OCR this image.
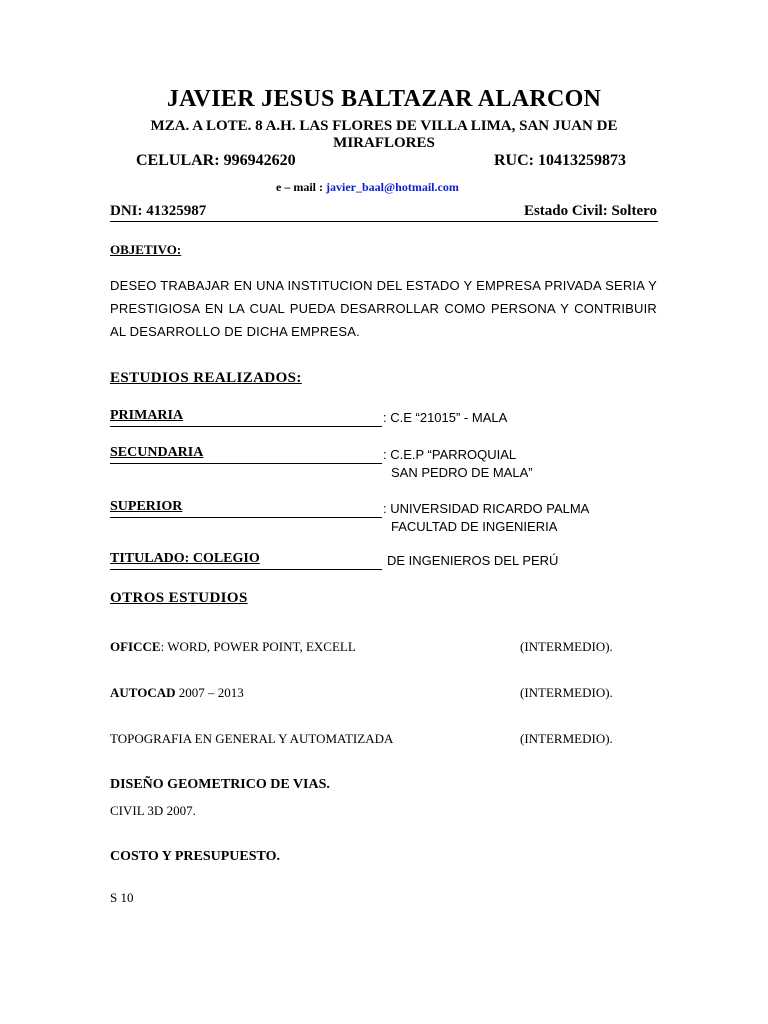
JAVIER JESUS BALTAZAR ALARCON
MZA. A LOTE. 8 A.H. LAS FLORES DE VILLA LIMA, SAN JUAN DE MIRAFLORES
CELULAR: 996942620	RUC: 10413259873
e – mail : javier_baal@hotmail.com
DNI: 41325987	Estado Civil: Soltero
OBJETIVO:
DESEO TRABAJAR EN UNA INSTITUCION DEL ESTADO Y EMPRESA PRIVADA SERIA Y PRESTIGIOSA EN LA CUAL PUEDA DESARROLLAR COMO PERSONA Y CONTRIBUIR AL DESARROLLO DE DICHA EMPRESA.
ESTUDIOS REALIZADOS:
PRIMARIA	: C.E “21015” - MALA
SECUNDARIA	: C.E.P “PARROQUIAL
SAN PEDRO DE MALA”
SUPERIOR	: UNIVERSIDAD RICARDO PALMA
FACULTAD DE INGENIERIA
TITULADO: COLEGIO	DE INGENIEROS DEL PERÚ
OTROS ESTUDIOS
OFICCE: WORD, POWER POINT, EXCELL	(INTERMEDIO).
AUTOCAD 2007 – 2013	(INTERMEDIO).
TOPOGRAFIA EN GENERAL Y AUTOMATIZADA	(INTERMEDIO).
DISEÑO GEOMETRICO DE VIAS.
CIVIL 3D 2007.
COSTO Y PRESUPUESTO.
S 10
